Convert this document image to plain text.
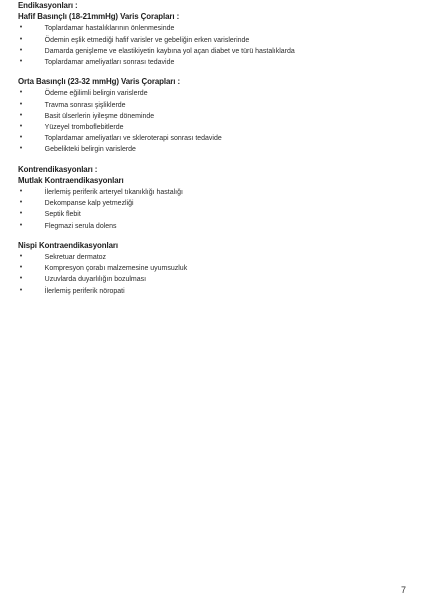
Endikasyonları :
Hafif Basınçlı (18-21mmHg) Varis Çorapları :
•	Toplardamar hastalıklarının önlenmesinde
•	Ödemin eşlik etmediği hafif varisler ve gebeliğin erken varislerinde
•	Damarda genişleme ve elastikiyetin kaybına yol açan diabet ve türü hastalıklarda
•	Toplardamar ameliyatları sonrası tedavide
Orta Basınçlı (23-32 mmHg) Varis Çorapları :
•	Ödeme eğilimli belirgin varislerde
•	Travma sonrası şişliklerde
•	Basit ülserlerin iyileşme döneminde
•	Yüzeyel tromboflebitlerde
•	Toplardamar ameliyatları ve skleroterapi sonrası tedavide
•	Gebelikteki belirgin varislerde
Kontrendikasyonları :
Mutlak Kontraendikasyonları
•	İlerlemiş periferik arteryel tıkanıklığı hastalığı
•	Dekompanse kalp yetmezliği
•	Septik flebit
•	Flegmazi serula dolens
Nispi Kontraendikasyonları
•	Sekretuar dermatoz
•	Kompresyon çorabı malzemesine uyumsuzluk
•	Uzuvlarda duyarlılığın bozulması
•	İlerlemiş periferik nöropati
7
